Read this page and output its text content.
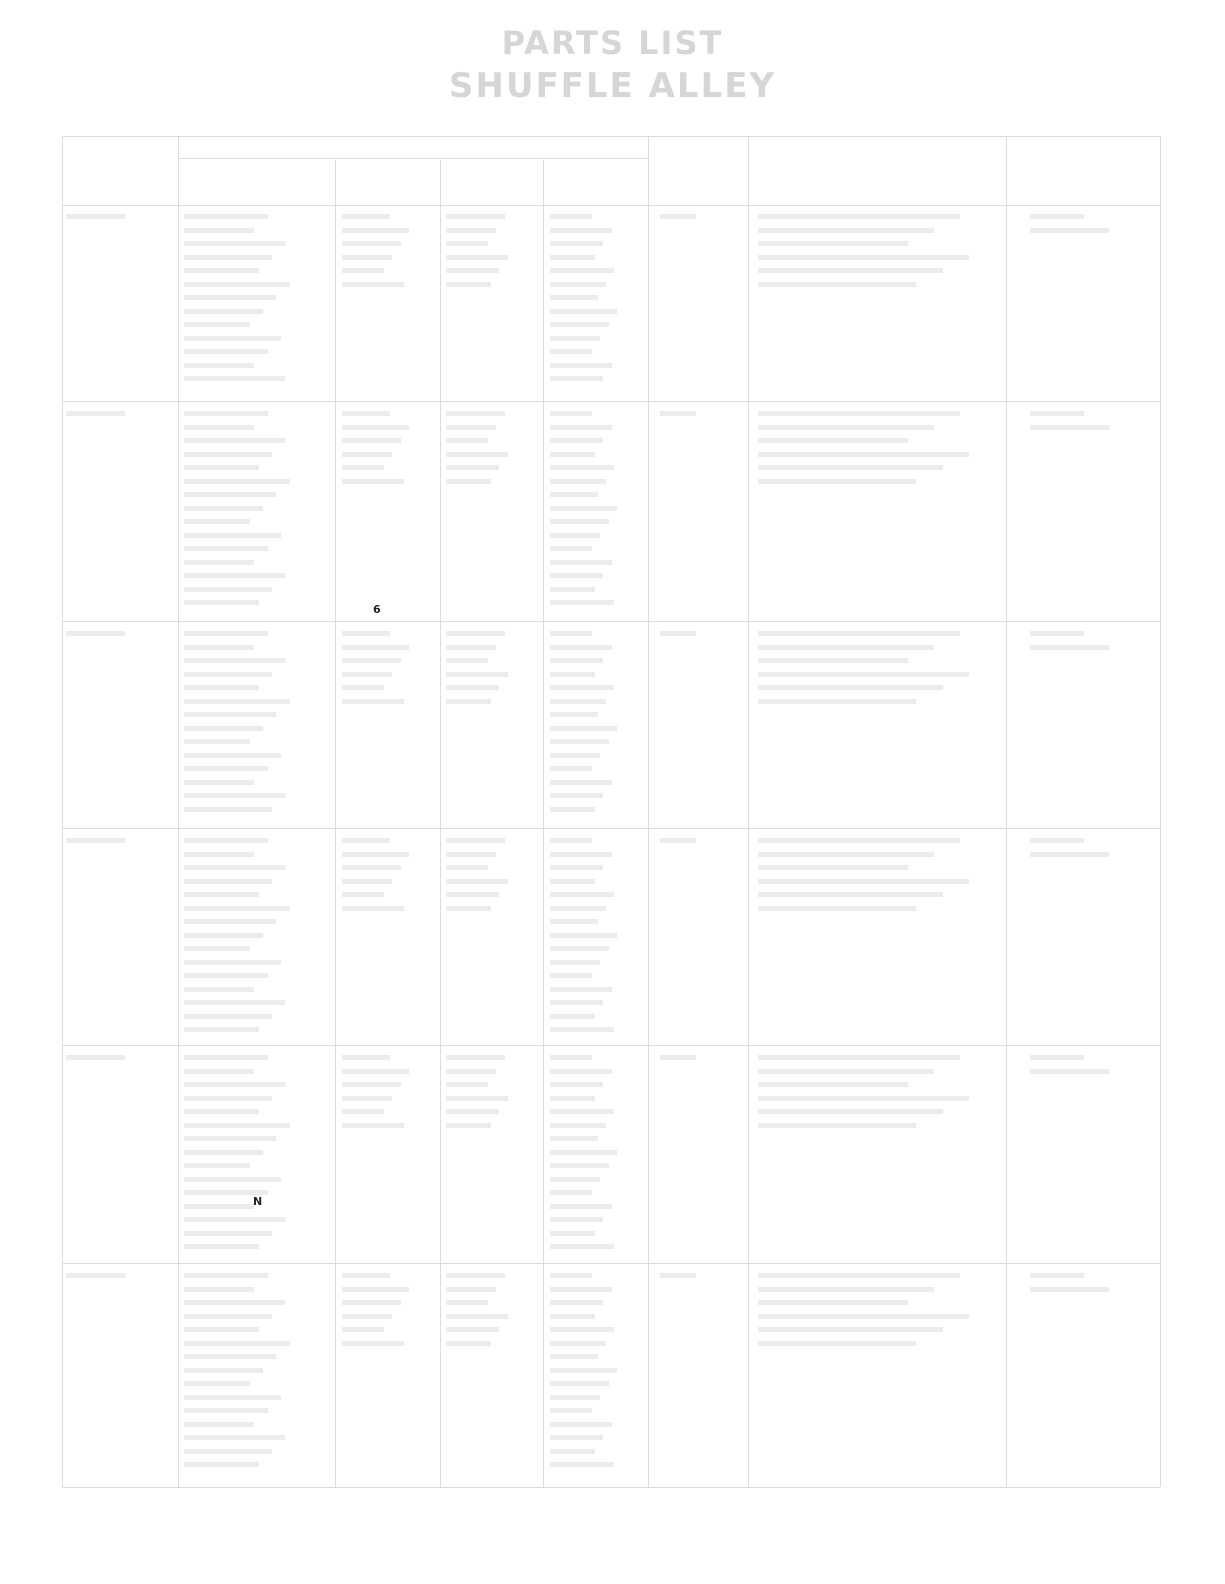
PARTS LIST
SHUFFLE ALLEY
6
N
